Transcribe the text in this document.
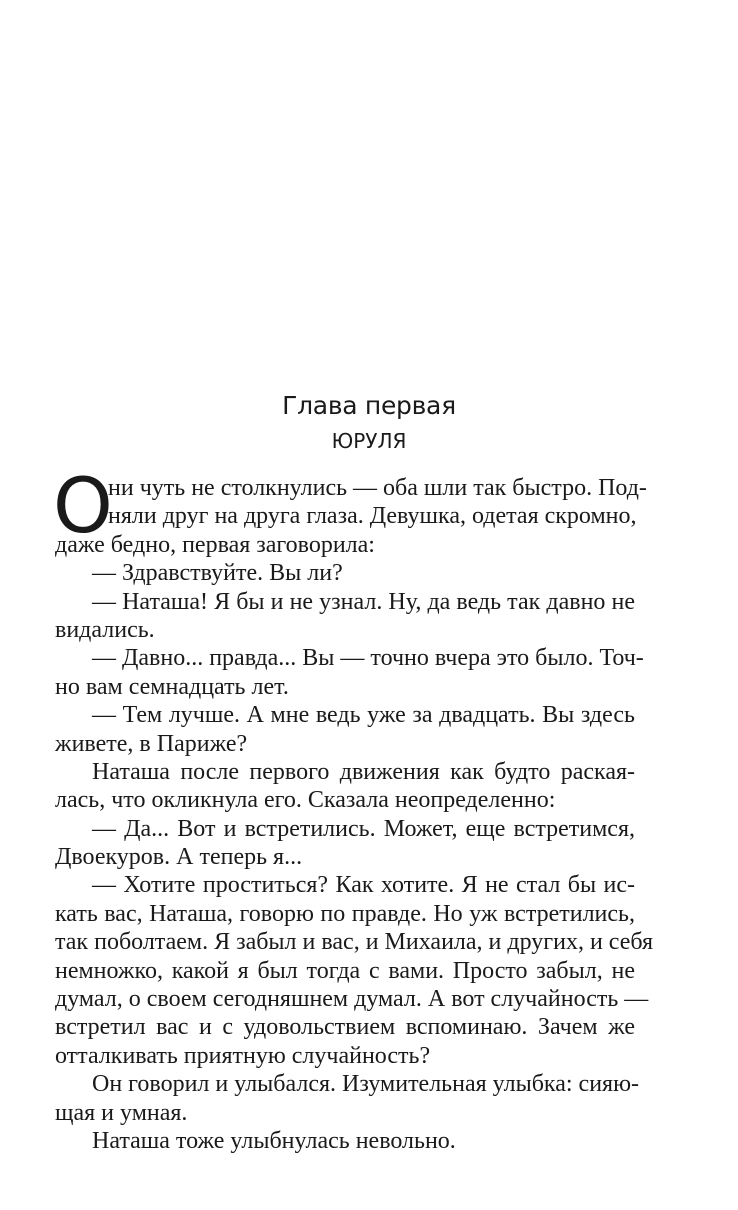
Глава первая
ЮРУЛЯ
О
ни чуть не столкнулись — оба шли так быстро. Под-
няли друг на друга глаза. Девушка, одетая скромно,
даже бедно, первая заговорила:
— Здравствуйте. Вы ли?
— Наташа! Я бы и не узнал. Ну, да ведь так давно не
видались.
— Давно... правда... Вы — точно вчера это было. Точ-
но вам семнадцать лет.
— Тем лучше. А мне ведь уже за двадцать. Вы здесь
живете, в Париже?
Наташа после первого движения как будто раская-
лась, что окликнула его. Сказала неопределенно:
— Да... Вот и встретились. Может, еще встретимся,
Двоекуров. А теперь я...
— Хотите проститься? Как хотите. Я не стал бы ис-
кать вас, Наташа, говорю по правде. Но уж встретились,
так поболтаем. Я забыл и вас, и Михаила, и других, и себя
немножко, какой я был тогда с вами. Просто забыл, не
думал, о своем сегодняшнем думал. А вот случайность —
встретил вас и с удовольствием вспоминаю. Зачем же
отталкивать приятную случайность?
Он говорил и улыбался. Изумительная улыбка: сияю-
щая и умная.
Наташа тоже улыбнулась невольно.
